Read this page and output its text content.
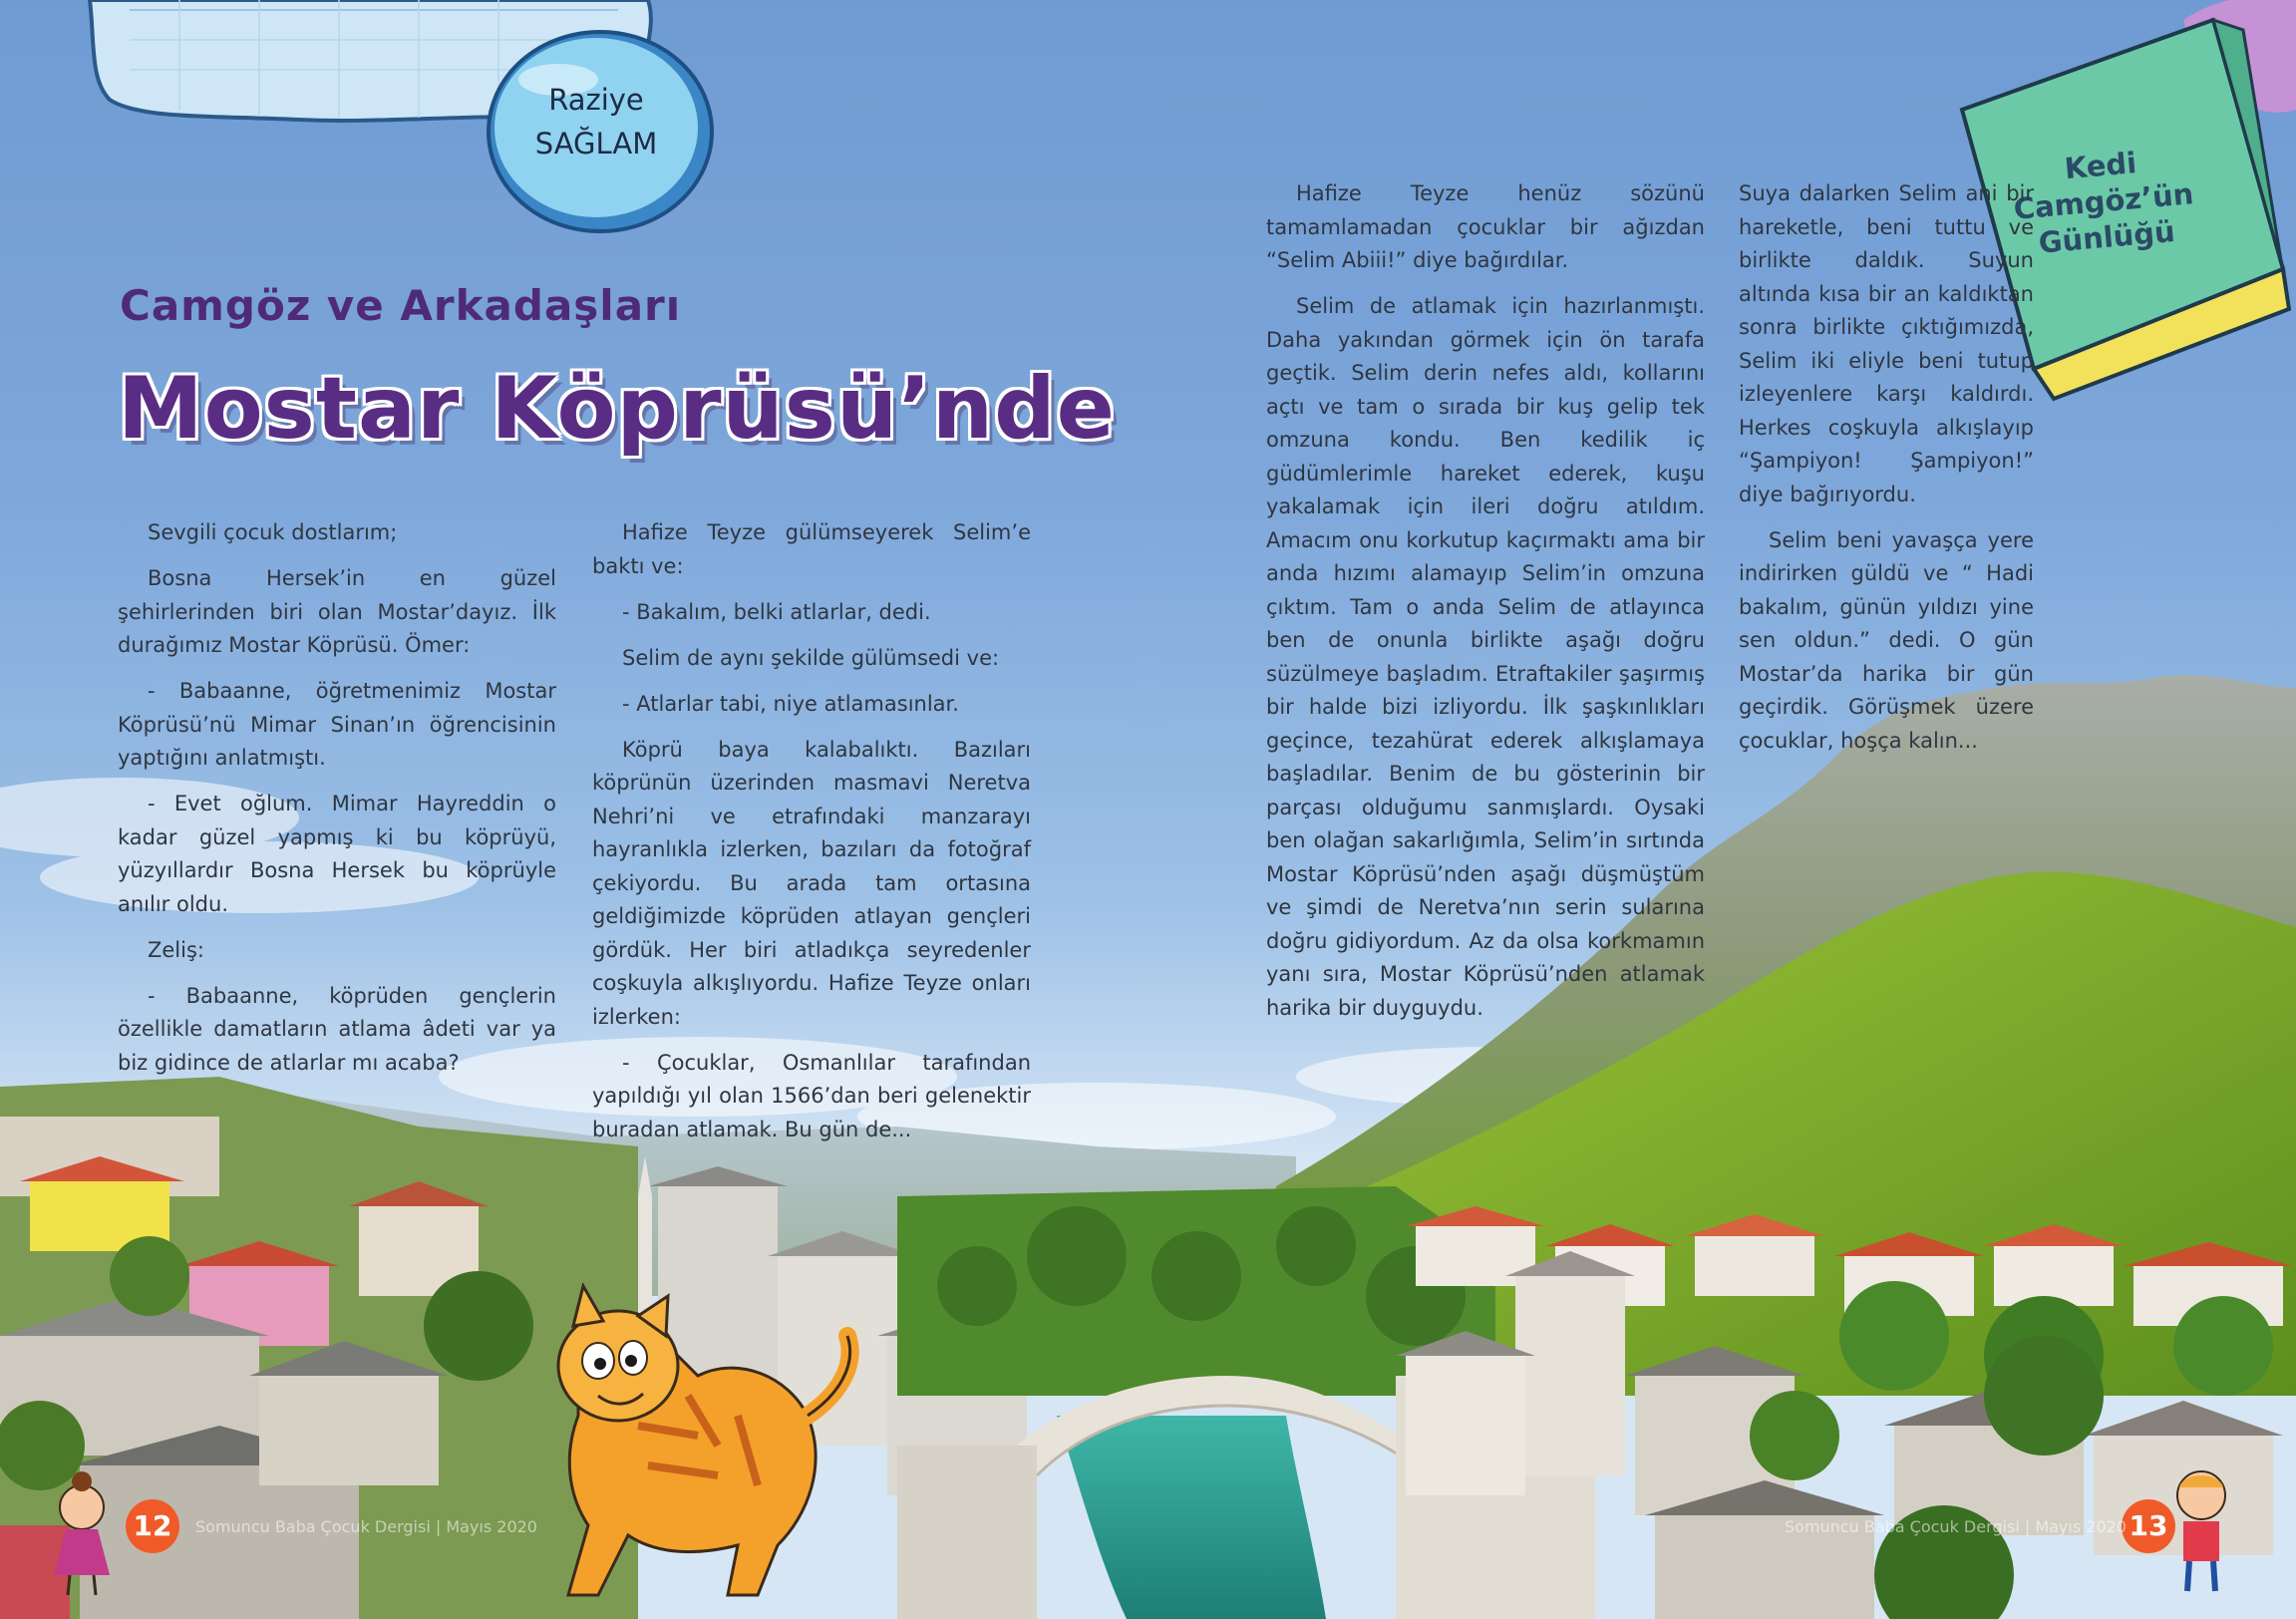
Raziye
SAĞLAM
Kedi
Camgöz’ün
Günlüğü
Camgöz ve Arkadaşları
Mostar Köprüsü’nde

Sevgili çocuk dostlarım;

Bosna Hersek’in en güzel şehirlerinden biri olan Mostar’dayız. İlk durağımız Mostar Köprüsü. Ömer:

- Babaanne, öğretmenimiz Mostar Köprüsü’nü Mimar Sinan’ın öğrencisinin yaptığını anlatmıştı.

- Evet oğlum. Mimar Hayreddin o kadar güzel yapmış ki bu köprüyü, yüzyıllardır Bosna Hersek bu köprüyle anılır oldu.

Zeliş:

- Babaanne, köprüden gençlerin özellikle damatların atlama âdeti var ya biz gidince de atlarlar mı acaba?

Hafize Teyze gülümseyerek Selim’e baktı ve:

- Bakalım, belki atlarlar, dedi.

Selim de aynı şekilde gülümsedi ve:

- Atlarlar tabi, niye atlamasınlar.

Köprü baya kalabalıktı. Bazıları köprünün üzerinden masmavi Neretva Nehri’ni ve etrafındaki manzarayı hayranlıkla izlerken, bazıları da fotoğraf çekiyordu. Bu arada tam ortasına geldiğimizde köprüden atlayan gençleri gördük. Her biri atladıkça seyredenler coşkuyla alkışlıyordu. Hafize Teyze onları izlerken:

- Çocuklar, Osmanlılar tarafından yapıldığı yıl olan 1566’dan beri gelenektir buradan atlamak. Bu gün de...

Hafize Teyze henüz sözünü tamamlamadan çocuklar bir ağızdan “Selim Abiii!” diye bağırdılar.

Selim de atlamak için hazırlanmıştı. Daha yakından görmek için ön tarafa geçtik. Selim derin nefes aldı, kollarını açtı ve tam o sırada bir kuş gelip tek omzuna kondu. Ben kedilik iç güdümlerimle hareket ederek, kuşu yakalamak için ileri doğru atıldım. Amacım onu korkutup kaçırmaktı ama bir anda hızımı alamayıp Selim’in omzuna çıktım. Tam o anda Selim de atlayınca ben de onunla birlikte aşağı doğru süzülmeye başladım. Etraftakiler şaşırmış bir halde bizi izliyordu. İlk şaşkınlıkları geçince, tezahürat ederek alkışlamaya başladılar. Benim de bu gösterinin bir parçası olduğumu sanmışlardı. Oysaki ben olağan sakarlığımla, Selim’in sırtında Mostar Köprüsü’nden aşağı düşmüştüm ve şimdi de Neretva’nın serin sularına doğru gidiyordum. Az da olsa korkmamın yanı sıra, Mostar Köprüsü’nden atlamak harika bir duyguydu.

Suya dalarken Selim ani bir hareketle, beni tuttu ve birlikte daldık. Suyun altında kısa bir an kaldıktan sonra birlikte çıktığımızda, Selim iki eliyle beni tutup izleyenlere karşı kaldırdı. Herkes coşkuyla alkışlayıp “Şampiyon! Şampiyon!” diye bağırıyordu.

Selim beni yavaşça yere indirirken güldü ve “ Hadi bakalım, günün yıldızı yine sen oldun.” dedi. O gün Mostar’da harika bir gün geçirdik. Görüşmek üzere çocuklar, hoşça kalın...

12	13
Somuncu Baba Çocuk Dergisi | Mayıs 2020	Somuncu Baba Çocuk Dergisi | Mayıs 2020
